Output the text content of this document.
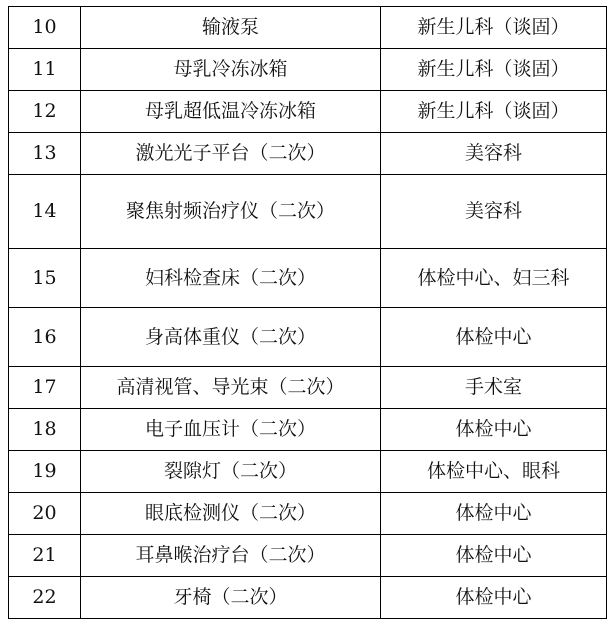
10	输液泵	新生儿科（谈固）
11	母乳冷冻冰箱	新生儿科（谈固）
12	母乳超低温冷冻冰箱	新生儿科（谈固）
13	激光光子平台（二次）	美容科
14	聚焦射频治疗仪（二次）	美容科
15	妇科检查床（二次）	体检中心、妇三科
16	身高体重仪（二次）	体检中心
17	高清视管、导光束（二次）	手术室
18	电子血压计（二次）	体检中心
19	裂隙灯（二次）	体检中心、眼科
20	眼底检测仪（二次）	体检中心
21	耳鼻喉治疗台（二次）	体检中心
22	牙椅（二次）	体检中心
